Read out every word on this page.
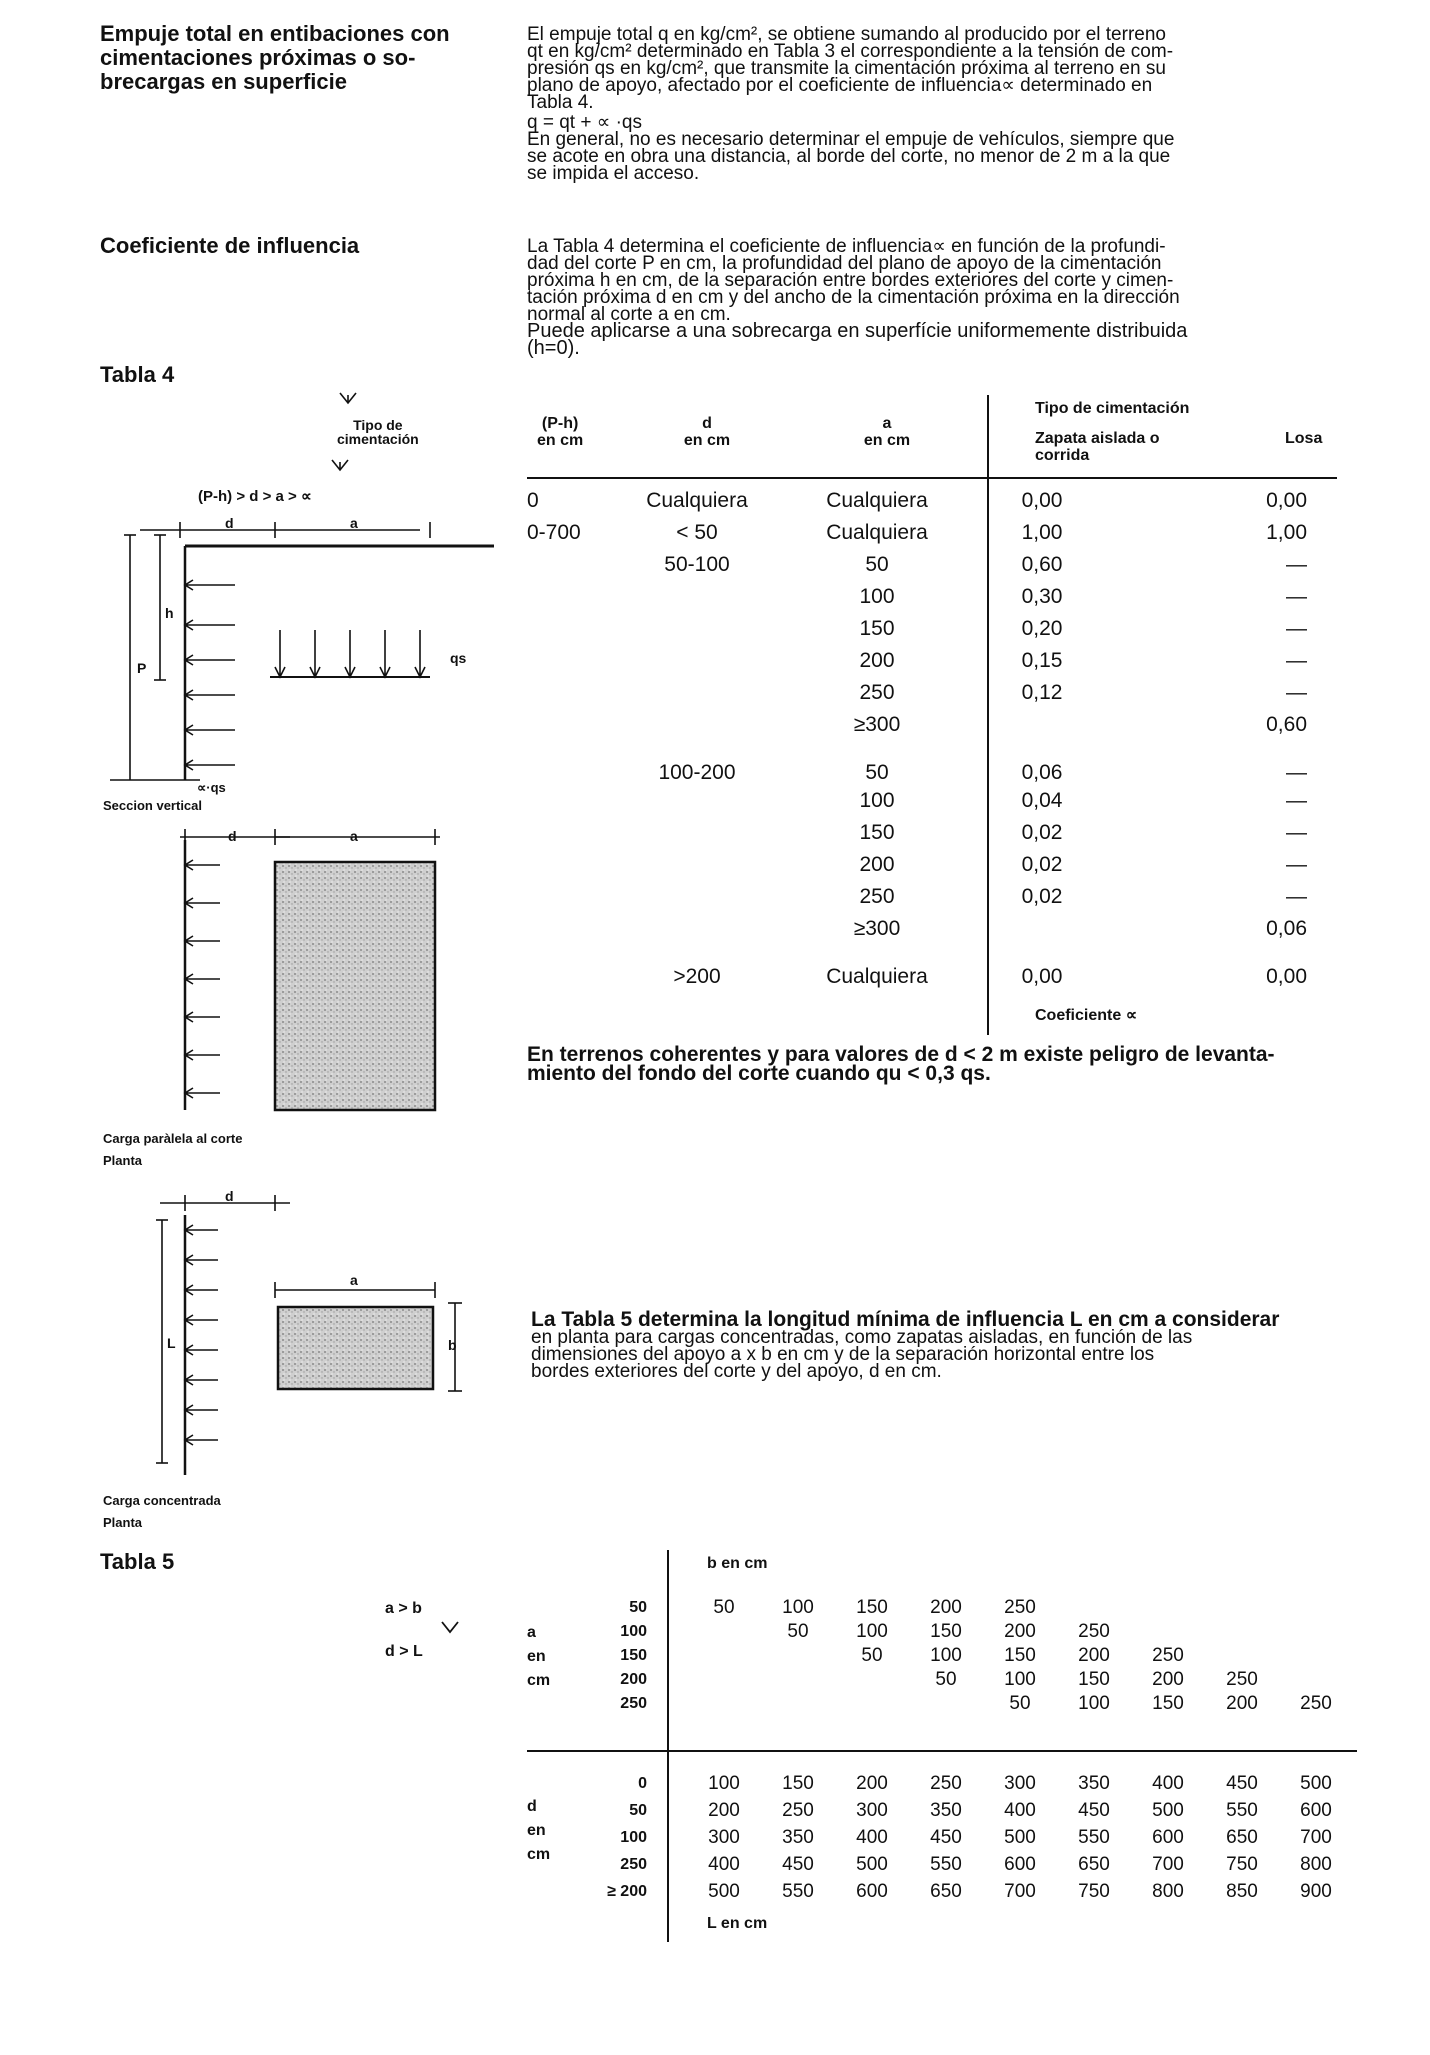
Empuje total en entibaciones con
cimentaciones próximas o so-
brecargas en superficie
Coeficiente de influencia
Tabla 4

El empuje total q en kg/cm², se obtiene sumando al producido por el terreno

qt en kg/cm² determinado en Tabla 3 el correspondiente a la tensión de com-

presión qs en kg/cm², que transmite la cimentación próxima al terreno en su

plano de apoyo, afectado por el coeficiente de influencia∝ determinado en

Tabla 4.

q = qt + ∝ ·qs

En general, no es necesario determinar el empuje de vehículos, siempre que

se acote en obra una distancia, al borde del corte, no menor de 2 m a la que

se impida el acceso.

La Tabla 4 determina el coeficiente de influencia∝ en función de la profundi-

dad del corte P en cm, la profundidad del plano de apoyo de la cimentación

próxima h en cm, de la separación entre bordes exteriores del corte y cimen-

tación próxima d en cm y del ancho de la cimentación próxima en la dirección

normal al corte a en cm.

Puede aplicarse a una sobrecarga en superfície uniformemente distribuida

(h=0).

Tipo de
cimentación
(P-h) > d > a > ∝
d	a
h
P
qs
∝·qs
Seccion vertical
d	a
Carga paràlela al corte
Planta
d
a
b
L
Carga concentrada
Planta
(P-h)
en cm
d
en cm
a
en cm
Tipo de cimentación
Zapata aislada o
corrida
Losa
0	Cualquiera	Cualquiera	0,00	0,00
0-700	< 50	Cualquiera	1,00	1,00
	50-100	50	0,60	—
		100	0,30	—
		150	0,20	—
		200	0,15	—
		250	0,12	—
		≥300		0,60
	100-200	50	0,06	—
		100	0,04	—
		150	0,02	—
		200	0,02	—
		250	0,02	—
		≥300		0,06
	>200	Cualquiera	0,00	0,00
Coeficiente ∝
En terrenos coherentes y para valores de d < 2 m existe peligro de levanta-
miento del fondo del corte cuando qu < 0,3 qs.
La Tabla 5 determina la longitud mínima de influencia L en cm a considerar
en planta para cargas concentradas, como zapatas aisladas, en función de las
dimensiones del apoyo a x b en cm y de la separación horizontal entre los
bordes exteriores del corte y del apoyo, d en cm.
Tabla 5
a > b
d > L
b en cm
L en cm
a
en
cm
d
en
cm
50		50	100	150	200	250				
100			50	100	150	200	250			
150				50	100	150	200	250		
200					50	100	150	200	250	
250						50	100	150	200	250
0		100	150	200	250	300	350	400	450	500
50		200	250	300	350	400	450	500	550	600
100		300	350	400	450	500	550	600	650	700
250		400	450	500	550	600	650	700	750	800
≥ 200		500	550	600	650	700	750	800	850	900
